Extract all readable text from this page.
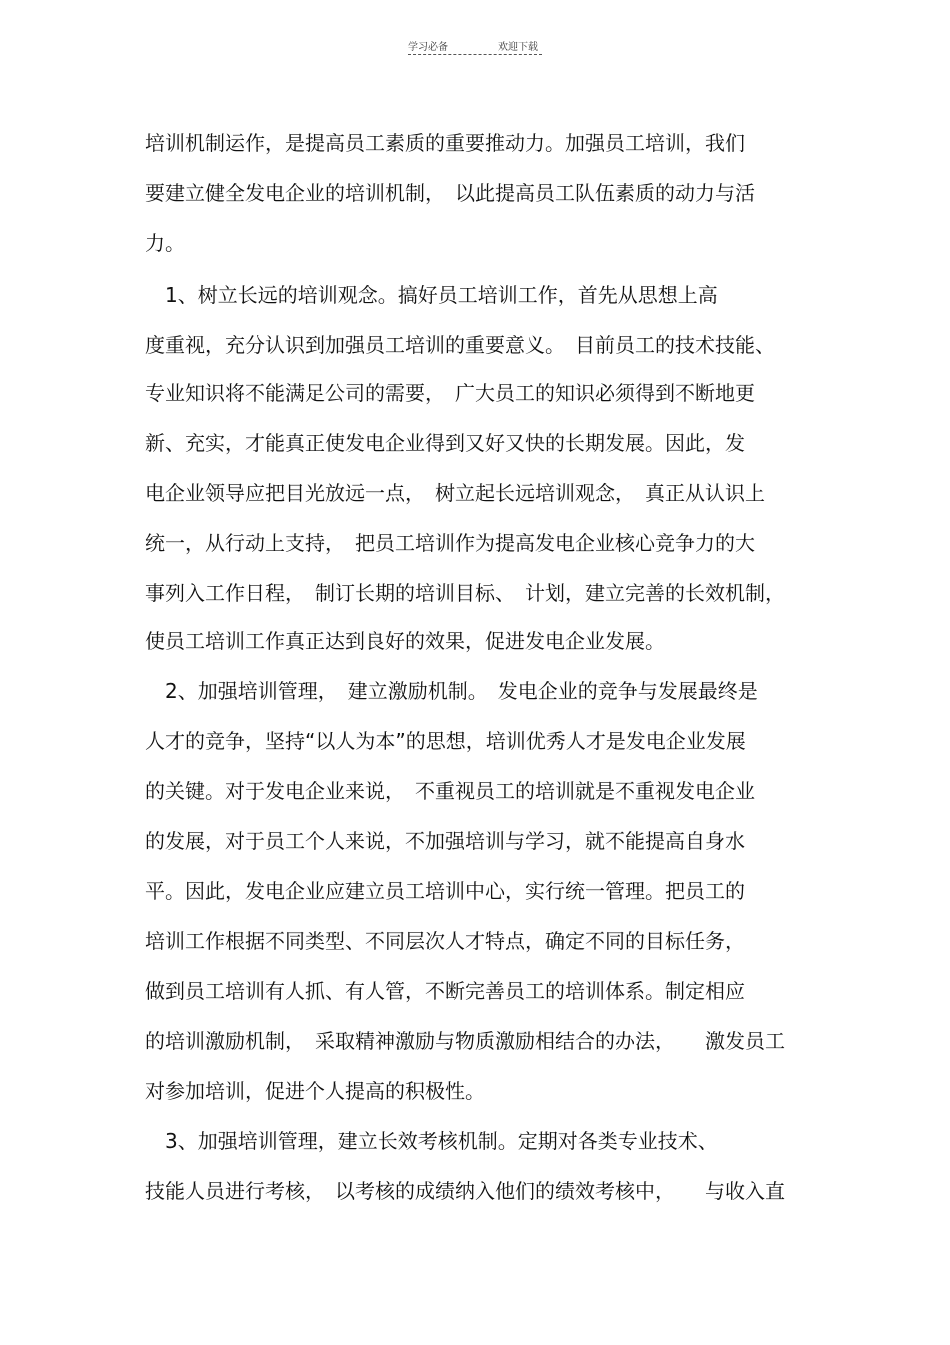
学习必备	欢迎下载
培训机制运作，是提高员工素质的重要推动力。加强员工培训，我们
要建立健全发电企业的培训机制，　以此提高员工队伍素质的动力与活
力。
　1、树立长远的培训观念。搞好员工培训工作，首先从思想上高
度重视，充分认识到加强员工培训的重要意义。　目前员工的技术技能、
专业知识将不能满足公司的需要，　广大员工的知识必须得到不断地更
新、充实，才能真正使发电企业得到又好又快的长期发展。因此，发
电企业领导应把目光放远一点，　树立起长远培训观念，　真正从认识上
统一，从行动上支持，　把员工培训作为提高发电企业核心竞争力的大
事列入工作日程，　制订长期的培训目标、　计划，建立完善的长效机制，
使员工培训工作真正达到良好的效果，促进发电企业发展。
　2、加强培训管理，　建立激励机制。　发电企业的竞争与发展最终是
人才的竞争，坚持“以人为本”的思想，培训优秀人才是发电企业发展
的关键。对于发电企业来说，　不重视员工的培训就是不重视发电企业
的发展，对于员工个人来说，不加强培训与学习，就不能提高自身水
平。因此，发电企业应建立员工培训中心，实行统一管理。把员工的
培训工作根据不同类型、不同层次人才特点，确定不同的目标任务，
做到员工培训有人抓、有人管，不断完善员工的培训体系。制定相应
的培训激励机制，　采取精神激励与物质激励相结合的办法，　　激发员工
对参加培训，促进个人提高的积极性。
　3、加强培训管理，建立长效考核机制。定期对各类专业技术、
技能人员进行考核，　以考核的成绩纳入他们的绩效考核中，　　与收入直
